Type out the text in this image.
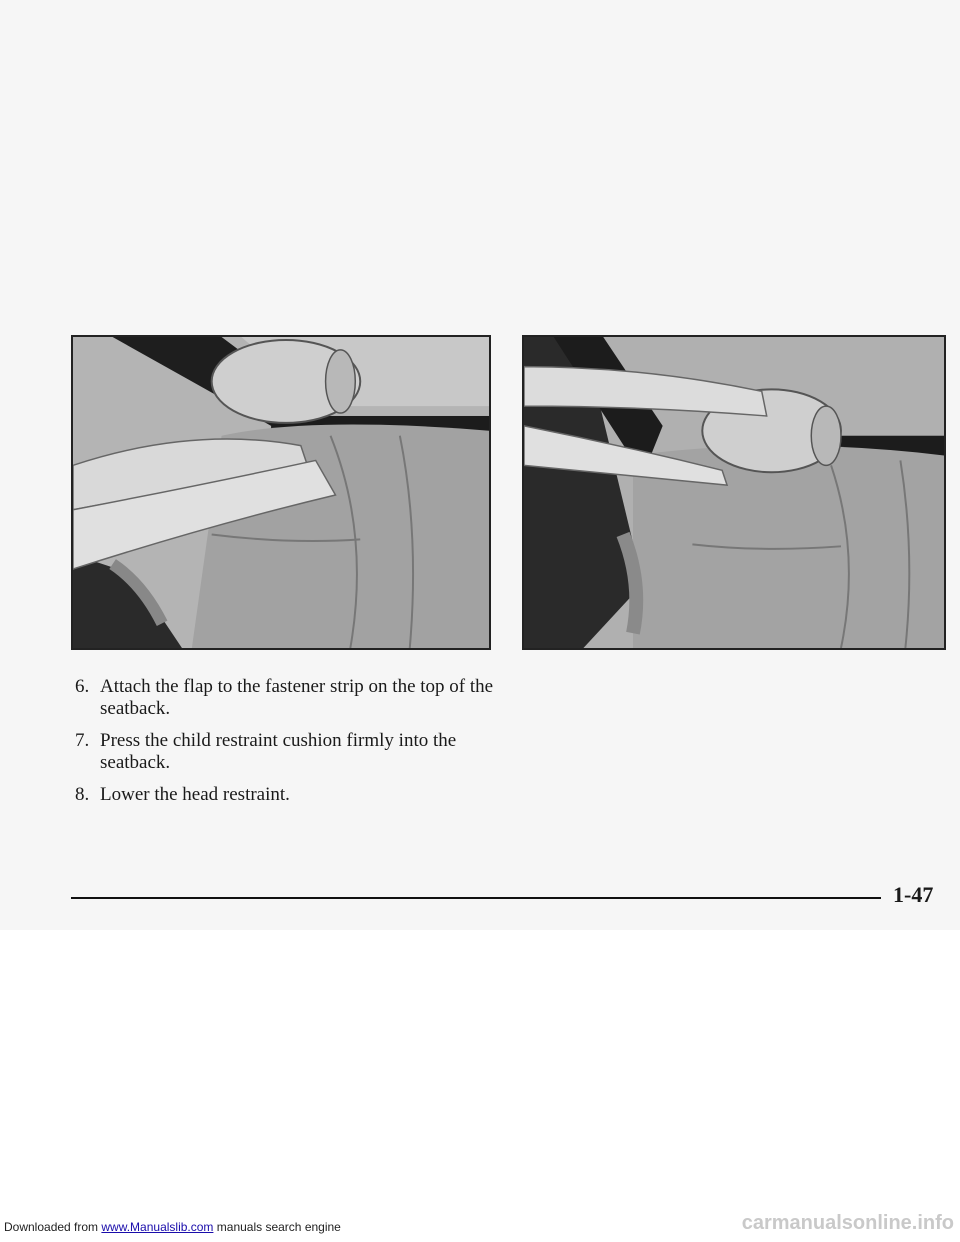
6. Attach the flap to the fastener strip on the top of the seatback.
7. Press the child restraint cushion firmly into the seatback.
8. Lower the head restraint.
1-47
Downloaded from www.Manualslib.com manuals search engine	carmanualsonline.info
